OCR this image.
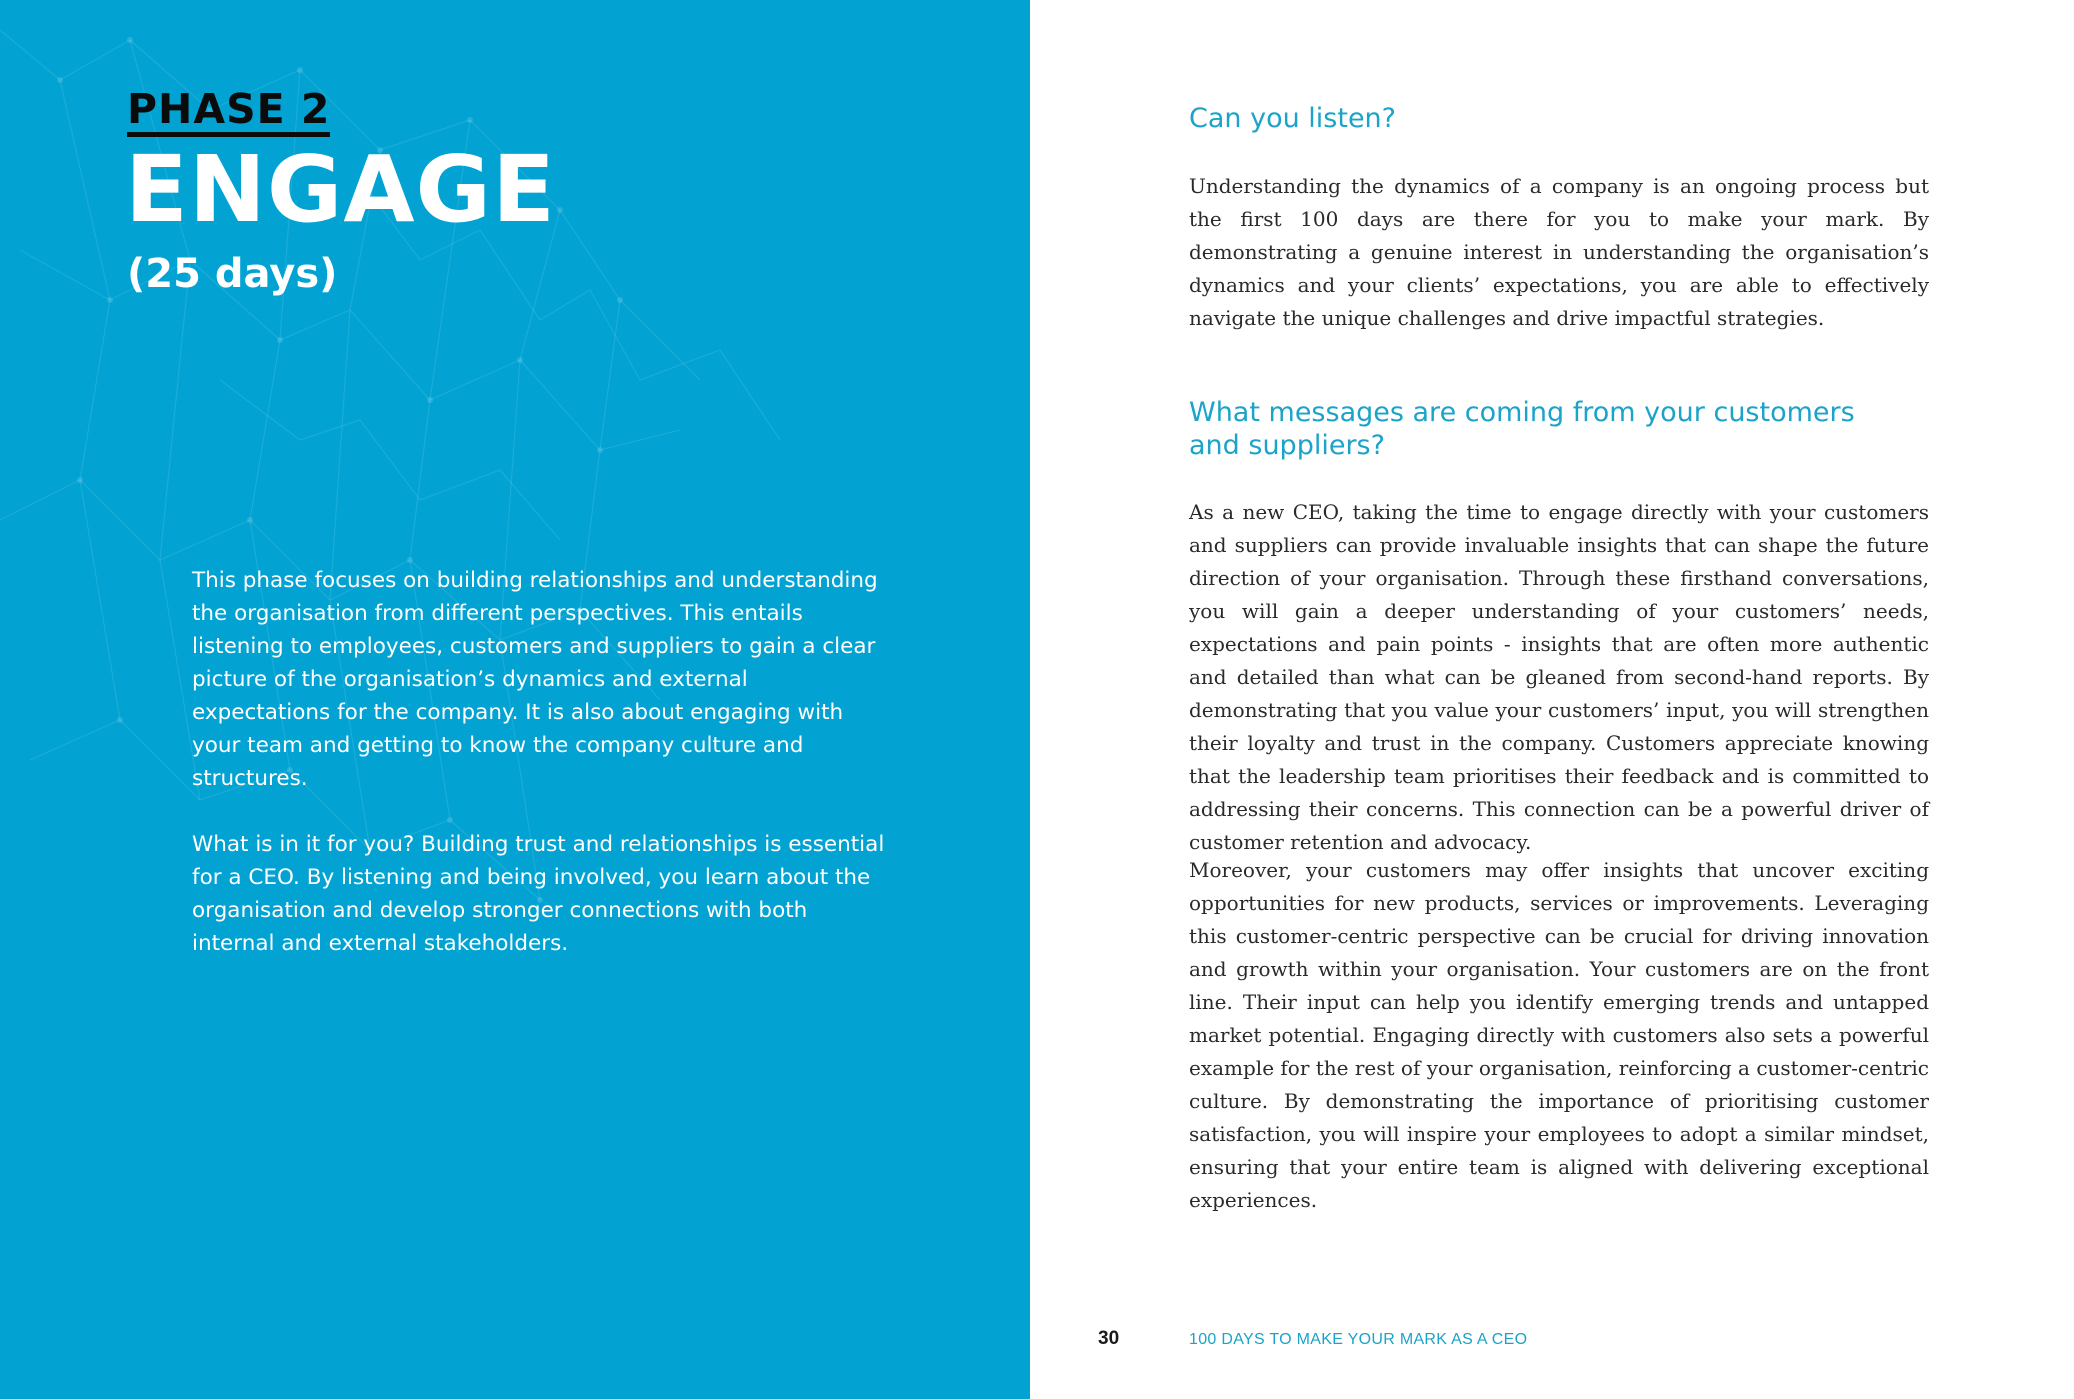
PHASE 2
ENGAGE
(25 days)

This phase focuses on building relationships and understanding the organisation from different perspectives. This entails listening to employees, customers and suppliers to gain a clear picture of the organisation’s dynamics and external expectations for the company. It is also about engaging with your team and getting to know the company culture and structures.

What is in it for you? Building trust and relationships is essential for a CEO. By listening and being involved, you learn about the organisation and develop stronger connections with both internal and external stakeholders.

Can you listen?

Understanding the dynamics of a company is an ongoing process but the first 100 days are there for you to make your mark. By demonstrating a genuine interest in understanding the organisation’s dynamics and your clients’ expectations, you are able to effectively navigate the unique challenges and drive impactful strategies.

What messages are coming from your customers
and suppliers?

As a new CEO, taking the time to engage directly with your customers and suppliers can provide invaluable insights that can shape the future direction of your organisation. Through these firsthand conversations, you will gain a deeper understanding of your customers’ needs, expectations and pain points - insights that are often more authentic and detailed than what can be gleaned from second-hand reports. By demonstrating that you value your customers’ input, you will strengthen their loyalty and trust in the company. Customers appreciate knowing that the leadership team prioritises their feedback and is committed to addressing their concerns. This connection can be a powerful driver of customer retention and advocacy.

Moreover, your customers may offer insights that uncover exciting opportunities for new products, services or improvements. Leveraging this customer-centric perspective can be crucial for driving innovation and growth within your organisation. Your customers are on the front line. Their input can help you identify emerging trends and untapped market potential. Engaging directly with customers also sets a powerful example for the rest of your organisation, reinforcing a customer-centric culture. By demonstrating the importance of prioritising customer satisfaction, you will inspire your employees to adopt a similar mindset, ensuring that your entire team is aligned with delivering exceptional experiences.

30	100 DAYS TO MAKE YOUR MARK AS A CEO
